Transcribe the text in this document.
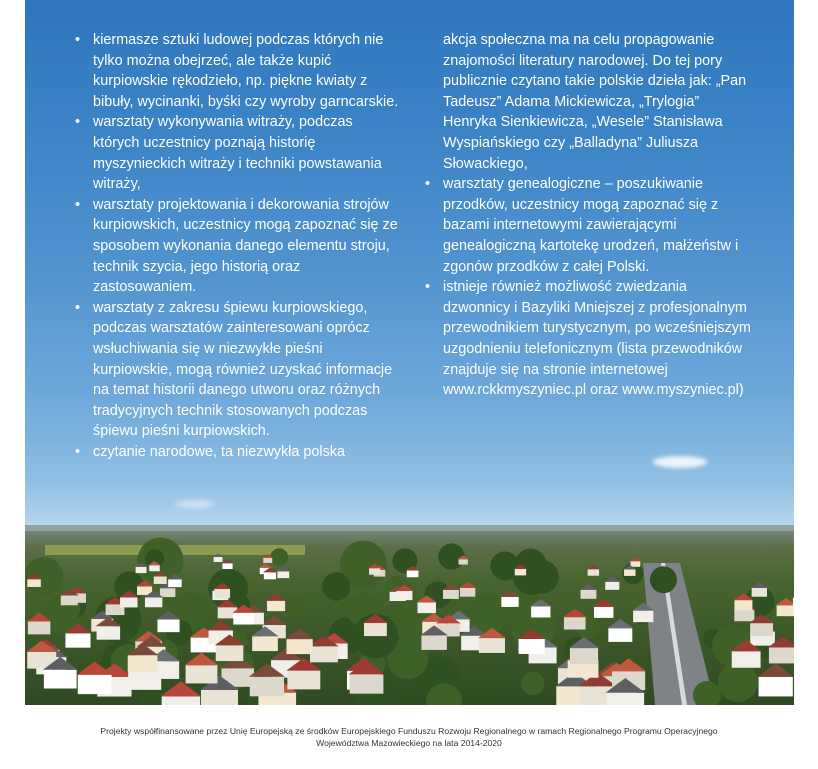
• kiermasze sztuki ludowej podczas których nie tylko można obejrzeć, ale także kupić kurpiowskie rękodzieło, np. piękne kwiaty z bibuły, wycinanki, byśki czy wyroby garncarskie.
• warsztaty wykonywania witraży, podczas których uczestnicy poznają historię myszynieckich witraży i techniki powstawania witraży,
• warsztaty projektowania i dekorowania strojów kurpiowskich, uczestnicy mogą zapoznać się ze sposobem wykonania danego elementu stroju, technik szycia, jego historią oraz zastosowaniem.
• warsztaty z zakresu śpiewu kurpiowskiego, podczas warsztatów zainteresowani oprócz wsłuchiwania się w niezwykłe pieśni kurpiowskie, mogą również uzyskać informacje na temat historii danego utworu oraz różnych tradycyjnych technik stosowanych podczas śpiewu pieśni kurpiowskich.
• czytanie narodowe, ta niezwykła polska
akcja społeczna ma na celu propagowanie znajomości literatury narodowej. Do tej pory publicznie czytano takie polskie dzieła jak: „Pan Tadeusz” Adama Mickiewicza, „Trylogia” Henryka Sienkiewicza, „Wesele” Stanisława Wyspiańskiego czy „Balladyna” Juliusza Słowackiego,
• warsztaty genealogiczne – poszukiwanie przodków, uczestnicy mogą zapoznać się z bazami internetowymi zawierającymi genealogiczną kartotekę urodzeń, małżeństw i zgonów przodków z całej Polski.
• istnieje również możliwość zwiedzania dzwonnicy i Bazyliki Mniejszej z profesjonalnym przewodnikiem turystycznym, po wcześniejszym uzgodnieniu telefonicznym (lista przewodników znajduje się na stronie internetowej www.rckkmyszyniec.pl oraz www.myszyniec.pl)
Projekty współfinansowane przez Unię Europejską ze środków Europejskiego Funduszu Rozwoju Regionalnego w ramach Regionalnego Programu Operacyjnego
Województwa Mazowieckiego na lata 2014-2020
